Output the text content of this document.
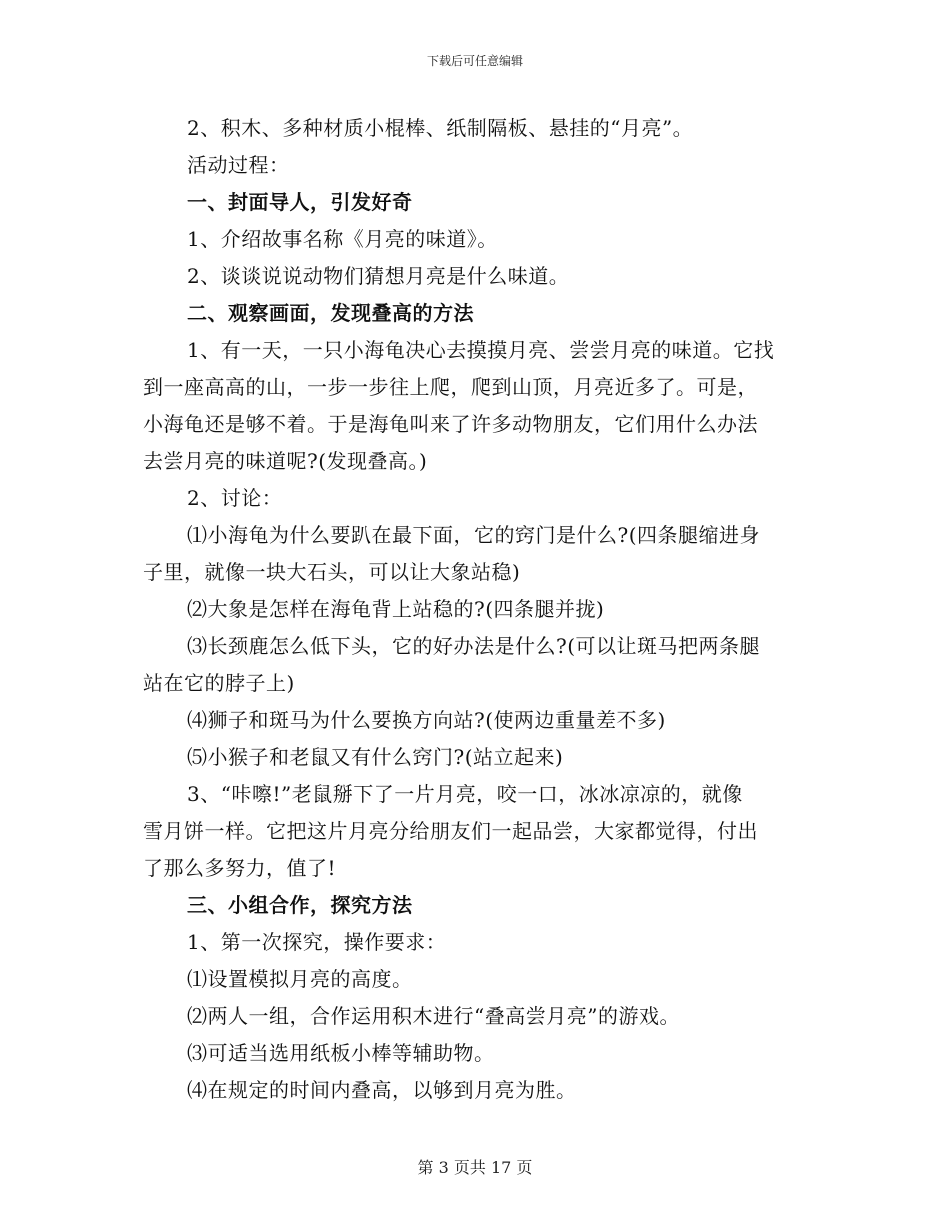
下载后可任意编辑
2、积木、多种材质小棍棒、纸制隔板、悬挂的“月亮”。
活动过程：
一、封面导人，引发好奇
1、介绍故事名称《月亮的味道》。
2、谈谈说说动物们猜想月亮是什么味道。
二、观察画面，发现叠高的方法
1、有一天，一只小海龟决心去摸摸月亮、尝尝月亮的味道。它找
到一座高高的山，一步一步往上爬，爬到山顶，月亮近多了。可是，
小海龟还是够不着。于是海龟叫来了许多动物朋友，它们用什么办法
去尝月亮的味道呢?(发现叠高。)
2、讨论：
⑴小海龟为什么要趴在最下面，它的窍门是什么?(四条腿缩进身
子里，就像一块大石头，可以让大象站稳)
⑵大象是怎样在海龟背上站稳的?(四条腿并拢)
⑶长颈鹿怎么低下头，它的好办法是什么?(可以让斑马把两条腿
站在它的脖子上)
⑷狮子和斑马为什么要换方向站?(使两边重量差不多)
⑸小猴子和老鼠又有什么窍门?(站立起来)
3、“咔嚓!”老鼠掰下了一片月亮，咬一口，冰冰凉凉的，就像
雪月饼一样。它把这片月亮分给朋友们一起品尝，大家都觉得，付出
了那么多努力，值了!
三、小组合作，探究方法
1、第一次探究，操作要求：
⑴设置模拟月亮的高度。
⑵两人一组，合作运用积木进行“叠高尝月亮”的游戏。
⑶可适当选用纸板小棒等辅助物。
⑷在规定的时间内叠高，以够到月亮为胜。
第 3 页共 17 页
